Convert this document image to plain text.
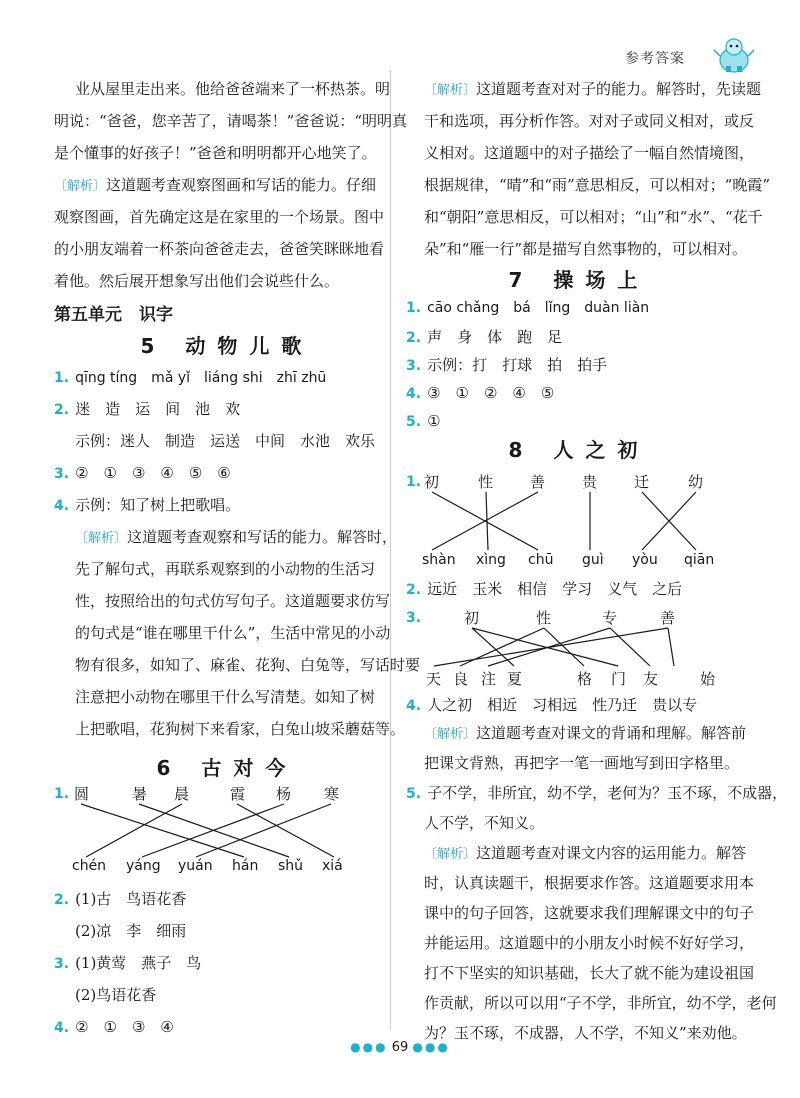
参考答案
业从屋里走出来。他给爸爸端来了一杯热茶。明
明说：“爸爸，您辛苦了，请喝茶！”爸爸说：“明明真
是个懂事的好孩子！”爸爸和明明都开心地笑了。
〔解析〕这道题考查观察图画和写话的能力。仔细
观察图画，首先确定这是在家里的一个场景。图中
的小朋友端着一杯茶向爸爸走去，爸爸笑眯眯地看
着他。然后展开想象写出他们会说些什么。
第五单元　识字
5 动物儿歌
1. qīng tíng　mǎ yǐ　liáng shi　zhī zhū
2. 迷　造　运　间　池　欢
示例：迷人　制造　运送　中间　水池　欢乐
3. ②　①　③　④　⑤　⑥
4. 示例：知了树上把歌唱。
〔解析〕这道题考查观察和写话的能力。解答时，
先了解句式，再联系观察到的小动物的生活习
性，按照给出的句式仿写句子。这道题要求仿写
的句式是“谁在哪里干什么”，生活中常见的小动
物有很多，如知了、麻雀、花狗、白兔等，写话时要
注意把小动物在哪里干什么写清楚。如知了树
上把歌唱，花狗树下来看家，白兔山坡采蘑菇等。
6 古对今
1. 圆	暑 晨	霞 杨 寒
chén yáng yuán hán shǔ xiá
2. (1)古　鸟语花香
(2)凉　李　细雨
3. (1)黄莺　燕子　鸟
(2)鸟语花香
4. ②　①　③　④
〔解析〕这道题考查对对子的能力。解答时，先读题
干和选项，再分析作答。对对子或同义相对，或反
义相对。这道题中的对子描绘了一幅自然情境图，
根据规律，“晴”和“雨”意思相反，可以相对；“晚霞”
和“朝阳”意思相反，可以相对；“山”和“水”、“花千
朵”和“雁一行”都是描写自然事物的，可以相对。
7 操场上
1. cāo chǎng　bá　lǐng　duàn liàn
2. 声　身　体　跑　足
3. 示例：打　打球　拍　拍手
4. ③　①　②　④　⑤
5. ①
8 人之初
1. 初	性 善 贵 迁	幼
shàn xìng chū guì yòu qiān
2. 远近　玉米　相信　学习　义气　之后
3.	初	性	专	善
天 良 注 夏	格 门 友	始
4. 人之初　相近　习相远　性乃迁　贵以专
〔解析〕这道题考查对课文的背诵和理解。解答前
把课文背熟，再把字一笔一画地写到田字格里。
5. 子不学，非所宜，幼不学，老何为？玉不琢，不成器，
人不学，不知义。
〔解析〕这道题考查对课文内容的运用能力。解答
时，认真读题干，根据要求作答。这道题要求用本
课中的句子回答，这就要求我们理解课文中的句子
并能运用。这道题中的小朋友小时候不好好学习，
打不下坚实的知识基础，长大了就不能为建设祖国
作贡献，所以可以用“子不学，非所宜，幼不学，老何
为？玉不琢，不成器，人不学，不知义”来劝他。
●●● 69 ●●●
